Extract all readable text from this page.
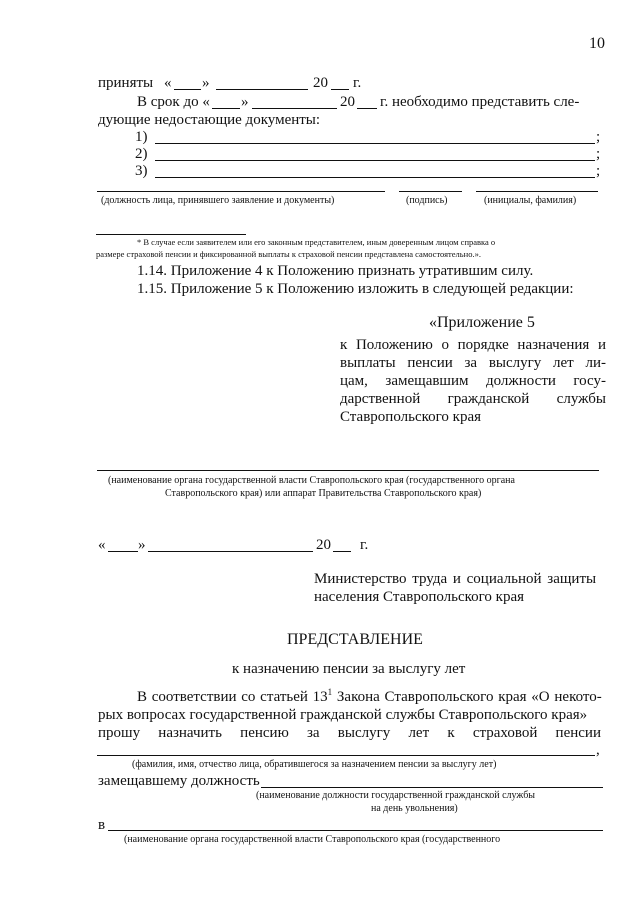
10
приняты « »	20 г.
В срок до « »	20 г. необходимо представить сле-
дующие недостающие документы:
1)	;
2)	;
3)	;
(должность лица, принявшего заявление и документы)	(подпись)	(инициалы, фамилия)
* В случае если заявителем или его законным представителем, иным доверенным лицом справка о
размере страховой пенсии и фиксированной выплаты к страховой пенсии представлена самостоятельно.».
1.14. Приложение 4 к Положению признать утратившим силу.
1.15. Приложение 5 к Положению изложить в следующей редакции:
«Приложение 5
к Положению о порядке назначения и
выплаты пенсии за выслугу лет ли-
цам, замещавшим должности госу-
дарственной гражданской службы
Ставропольского края
(наименование органа государственной власти Ставропольского края (государственного органа
Ставропольского края) или аппарат Правительства Ставропольского края)
« »	20 г.
Министерство труда и социальной защиты
населения Ставропольского края
ПРЕДСТАВЛЕНИЕ
к назначению пенсии за выслугу лет
В соответствии со статьей $13^1$ Закона Ставропольского края «О некото-
рых вопросах государственной гражданской службы Ставропольского края»
прошу назначить пенсию за выслугу лет к страховой пенсии
,
(фамилия, имя, отчество лица, обратившегося за назначением пенсии за выслугу лет)
замещавшему должность
(наименование должности государственной гражданской службы
на день увольнения)
в
(наименование органа государственной власти Ставропольского края (государственного
